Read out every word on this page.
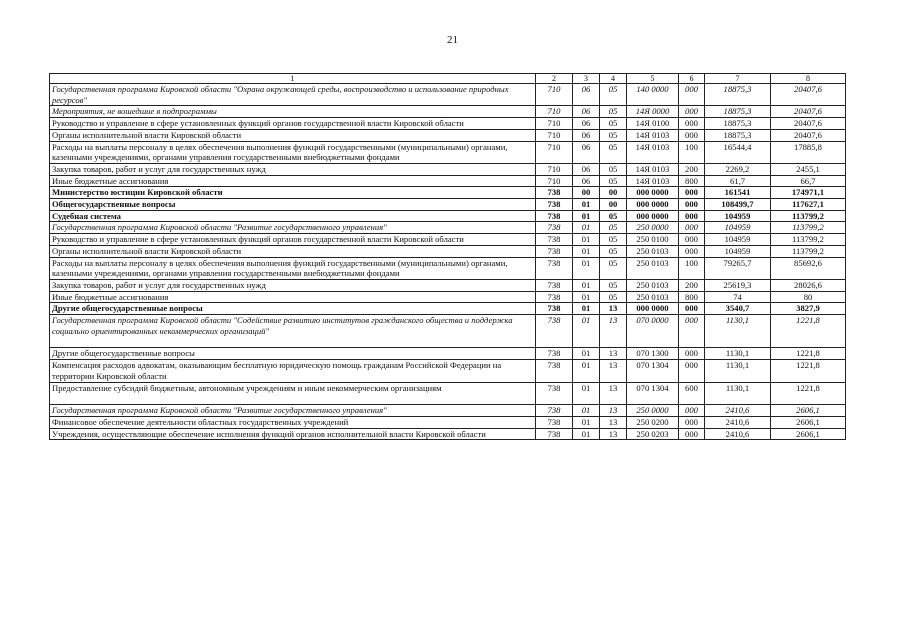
21
1	2	3	4	5	6	7	8
Государственная программа Кировской области "Охрана окружающей среды, воспроизводство и использование природных ресурсов"	710	06	05	140 0000	000	18875,3	20407,6
Мероприятия, не вошедшие в подпрограммы	710	06	05	14Я 0000	000	18875,3	20407,6
Руководство и управление в сфере установленных функций органов государственной власти Кировской области	710	06	05	14Я 0100	000	18875,3	20407,6
Органы исполнительной власти Кировской области	710	06	05	14Я 0103	000	18875,3	20407,6
Расходы на выплаты персоналу в целях обеспечения выполнения функций государственными (муниципальными) органами, казенными учреждениями, органами управления государственными внебюджетными фондами	710	06	05	14Я 0103	100	16544,4	17885,8
Закупка товаров, работ и услуг для государственных нужд	710	06	05	14Я 0103	200	2269,2	2455,1
Иные бюджетные ассигнования	710	06	05	14Я 0103	800	61,7	66,7
Министерство юстиции Кировской области	738	00	00	000 0000	000	161541	174971,1
Общегосударственные вопросы	738	01	00	000 0000	000	108499,7	117627,1
Судебная система	738	01	05	000 0000	000	104959	113799,2
Государственная программа Кировской области "Развитие государственного управления"	738	01	05	250 0000	000	104959	113799,2
Руководство и управление в сфере установленных функций органов государственной власти Кировской области	738	01	05	250 0100	000	104959	113799,2
Органы исполнительной власти Кировской области	738	01	05	250 0103	000	104959	113799,2
Расходы на выплаты персоналу в целях обеспечения выполнения функций государственными (муниципальными) органами, казенными учреждениями, органами управления государственными внебюджетными фондами	738	01	05	250 0103	100	79265,7	85692,6
Закупка товаров, работ и услуг для государственных нужд	738	01	05	250 0103	200	25619,3	28026,6
Иные бюджетные ассигнования	738	01	05	250 0103	800	74	80
Другие общегосударственные вопросы	738	01	13	000 0000	000	3540,7	3827,9
Государственная программа Кировской области "Содействие развитию институтов гражданского общества и поддержка социально ориентированных некоммерческих организаций"	738	01	13	070 0000	000	1130,1	1221,8
Другие общегосударственные вопросы	738	01	13	070 1300	000	1130,1	1221,8
Компенсация расходов адвокатам, оказывающим бесплатную юридическую помощь гражданам Российской Федерации на территории Кировской области	738	01	13	070 1304	000	1130,1	1221,8
Предоставление субсидий бюджетным, автономным учреждениям и иным некоммерческим организациям	738	01	13	070 1304	600	1130,1	1221,8
Государственная программа Кировской области "Развитие государственного управления"	738	01	13	250 0000	000	2410,6	2606,1
Финансовое обеспечение деятельности областных государственных учреждений	738	01	13	250 0200	000	2410,6	2606,1
Учреждения, осуществляющие обеспечение исполнения функций органов исполнительной власти Кировской области	738	01	13	250 0203	000	2410,6	2606,1
